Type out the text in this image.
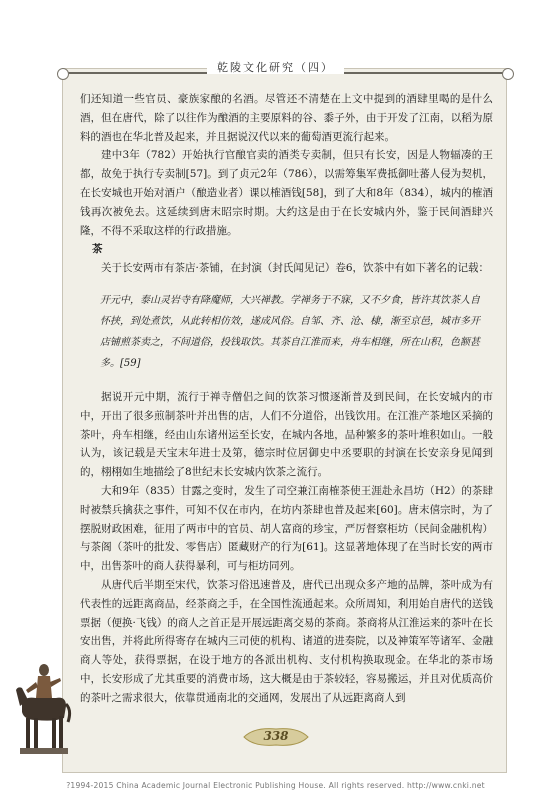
乾陵文化研究（四）

们还知道一些官员、豪族家酿的名酒。尽管还不清楚在上文中提到的酒肆里喝的是什么酒，但在唐代，除了以往作为酿酒的主要原料的谷、黍子外，由于开发了江南，以稻为原料的酒也在华北普及起来，并且据说汉代以来的葡萄酒更流行起来。

建中3年（782）开始执行官酿官卖的酒类专卖制，但只有长安，因是人物辐凑的王都，故免于执行专卖制[57]。到了贞元2年（786），以需筹集军费抵御吐蕃人侵为契机，在长安城也开始对酒户（酿造业者）课以榷酒钱[58]，到了大和8年（834），城内的榷酒钱再次被免去。这延续到唐末昭宗时期。大约这是由于在长安城内外，鉴于民间酒肆兴隆，不得不采取这样的行政措施。

茶

关于长安两市有茶店·茶铺，在封演（封氏闻见记）卷6，饮茶中有如下著名的记载：

开元中，泰山灵岩寺有降魔师，大兴禅教。学禅务于不寐，又不夕食，皆许其饮茶人自怀挟，到处煮饮，从此转相仿效，遂成风俗。自邹、齐、沧、棣，渐至京邑，城市多开店铺煎茶卖之，不间道俗，投钱取饮。其茶自江淮而来，舟车相继，所在山积，色额甚多。[59]

据说开元中期，流行于禅寺僧侣之间的饮茶习惯逐渐普及到民间，在长安城内的市中，开出了很多煎制茶叶并出售的店，人们不分道俗，出钱饮用。在江淮产茶地区采摘的茶叶，舟车相继，经由山东诸州运至长安，在城内各地，品种繁多的茶叶堆积如山。一般认为，该记载是天宝末年进士及第，德宗时位居御史中丞要职的封演在长安亲身见闻到的，栩栩如生地描绘了8世纪末长安城内饮茶之流行。

大和9年（835）甘露之变时，发生了司空兼江南榷茶使王涯赴永昌坊（H2）的茶肆时被禁兵擒获之事件，可知不仅在市内，在坊内茶肆也普及起来[60]。唐末僖宗时，为了摆脱财政困难，征用了两市中的官员、胡人富商的珍宝，严厉督察柜坊（民间金融机构）与茶阁（茶叶的批发、零售店）匿藏财产的行为[61]。这显著地体现了在当时长安的两市中，出售茶叶的商人获得暴利，可与柜坊同列。

从唐代后半期至宋代，饮茶习俗迅速普及，唐代已出现众多产地的品牌，茶叶成为有代表性的远距离商品，经茶商之手，在全国性流通起来。众所周知，利用始自唐代的送钱票据（便换·飞钱）的商人之首正是开展远距离交易的茶商。茶商将从江淮运来的茶叶在长安出售，并将此所得寄存在城内三司使的机构、诸道的进奏院，以及神策军等诸军、金融商人等处，获得票据，在设于地方的各派出机构、支付机构换取现金。在华北的茶市场中，长安形成了尤其重要的消费市场，这大概是由于茶较轻，容易搬运，并且对优质高价的茶叶之需求很大，依靠贯通南北的交通网，发展出了从远距离商人到

338
?1994-2015 China Academic Journal Electronic Publishing House. All rights reserved. http://www.cnki.net
